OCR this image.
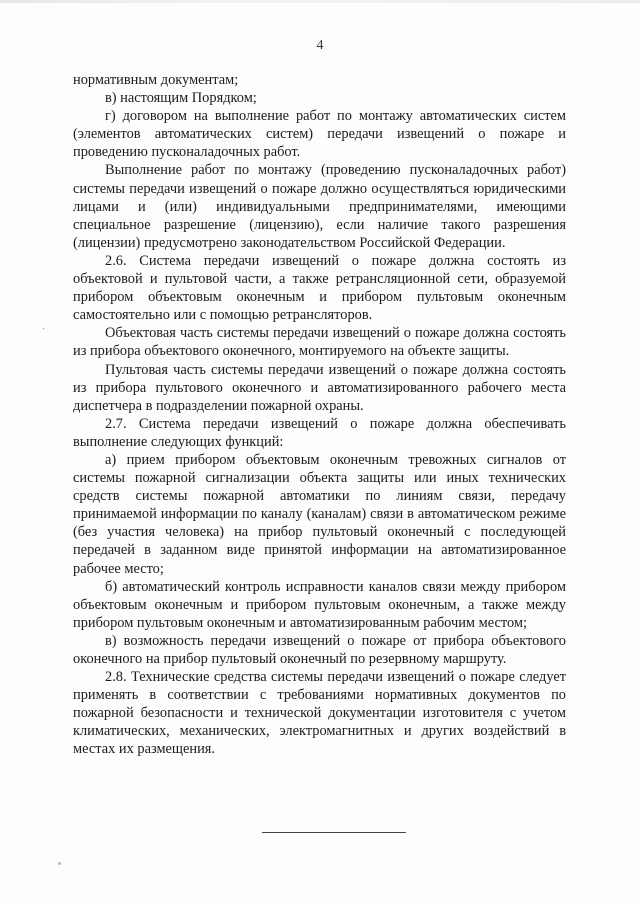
4

нормативным документам;

в) настоящим Порядком;

г) договором на выполнение работ по монтажу автоматических систем (элементов автоматических систем) передачи извещений о пожаре и проведению пусконаладочных работ.

Выполнение работ по монтажу (проведению пусконаладочных работ) системы передачи извещений о пожаре должно осуществляться юридическими лицами и (или) индивидуальными предпринимателями, имеющими специальное разрешение (лицензию), если наличие такого разрешения (лицензии) предусмотрено законодательством Российской Федерации.

2.6. Система передачи извещений о пожаре должна состоять из объектовой и пультовой части, а также ретрансляционной сети, образуемой прибором объектовым оконечным и прибором пультовым оконечным самостоятельно или с помощью ретрансляторов.

Объектовая часть системы передачи извещений о пожаре должна состоять из прибора объектового оконечного, монтируемого на объекте защиты.

Пультовая часть системы передачи извещений о пожаре должна состоять из прибора пультового оконечного и автоматизированного рабочего места диспетчера в подразделении пожарной охраны.

2.7. Система передачи извещений о пожаре должна обеспечивать выполнение следующих функций:

а) прием прибором объектовым оконечным тревожных сигналов от системы пожарной сигнализации объекта защиты или иных технических средств системы пожарной автоматики по линиям связи, передачу принимаемой информации по каналу (каналам) связи в автоматическом режиме (без участия человека) на прибор пультовый оконечный с последующей передачей в заданном виде принятой информации на автоматизированное рабочее место;

б) автоматический контроль исправности каналов связи между прибором объектовым оконечным и прибором пультовым оконечным, а также между прибором пультовым оконечным и автоматизированным рабочим местом;

в) возможность передачи извещений о пожаре от прибора объектового оконечного на прибор пультовый оконечный по резервному маршруту.

2.8. Технические средства системы передачи извещений о пожаре следует применять в соответствии с требованиями нормативных документов по пожарной безопасности и технической документации изготовителя с учетом климатических, механических, электромагнитных и других воздействий в местах их размещения.

ˏ
